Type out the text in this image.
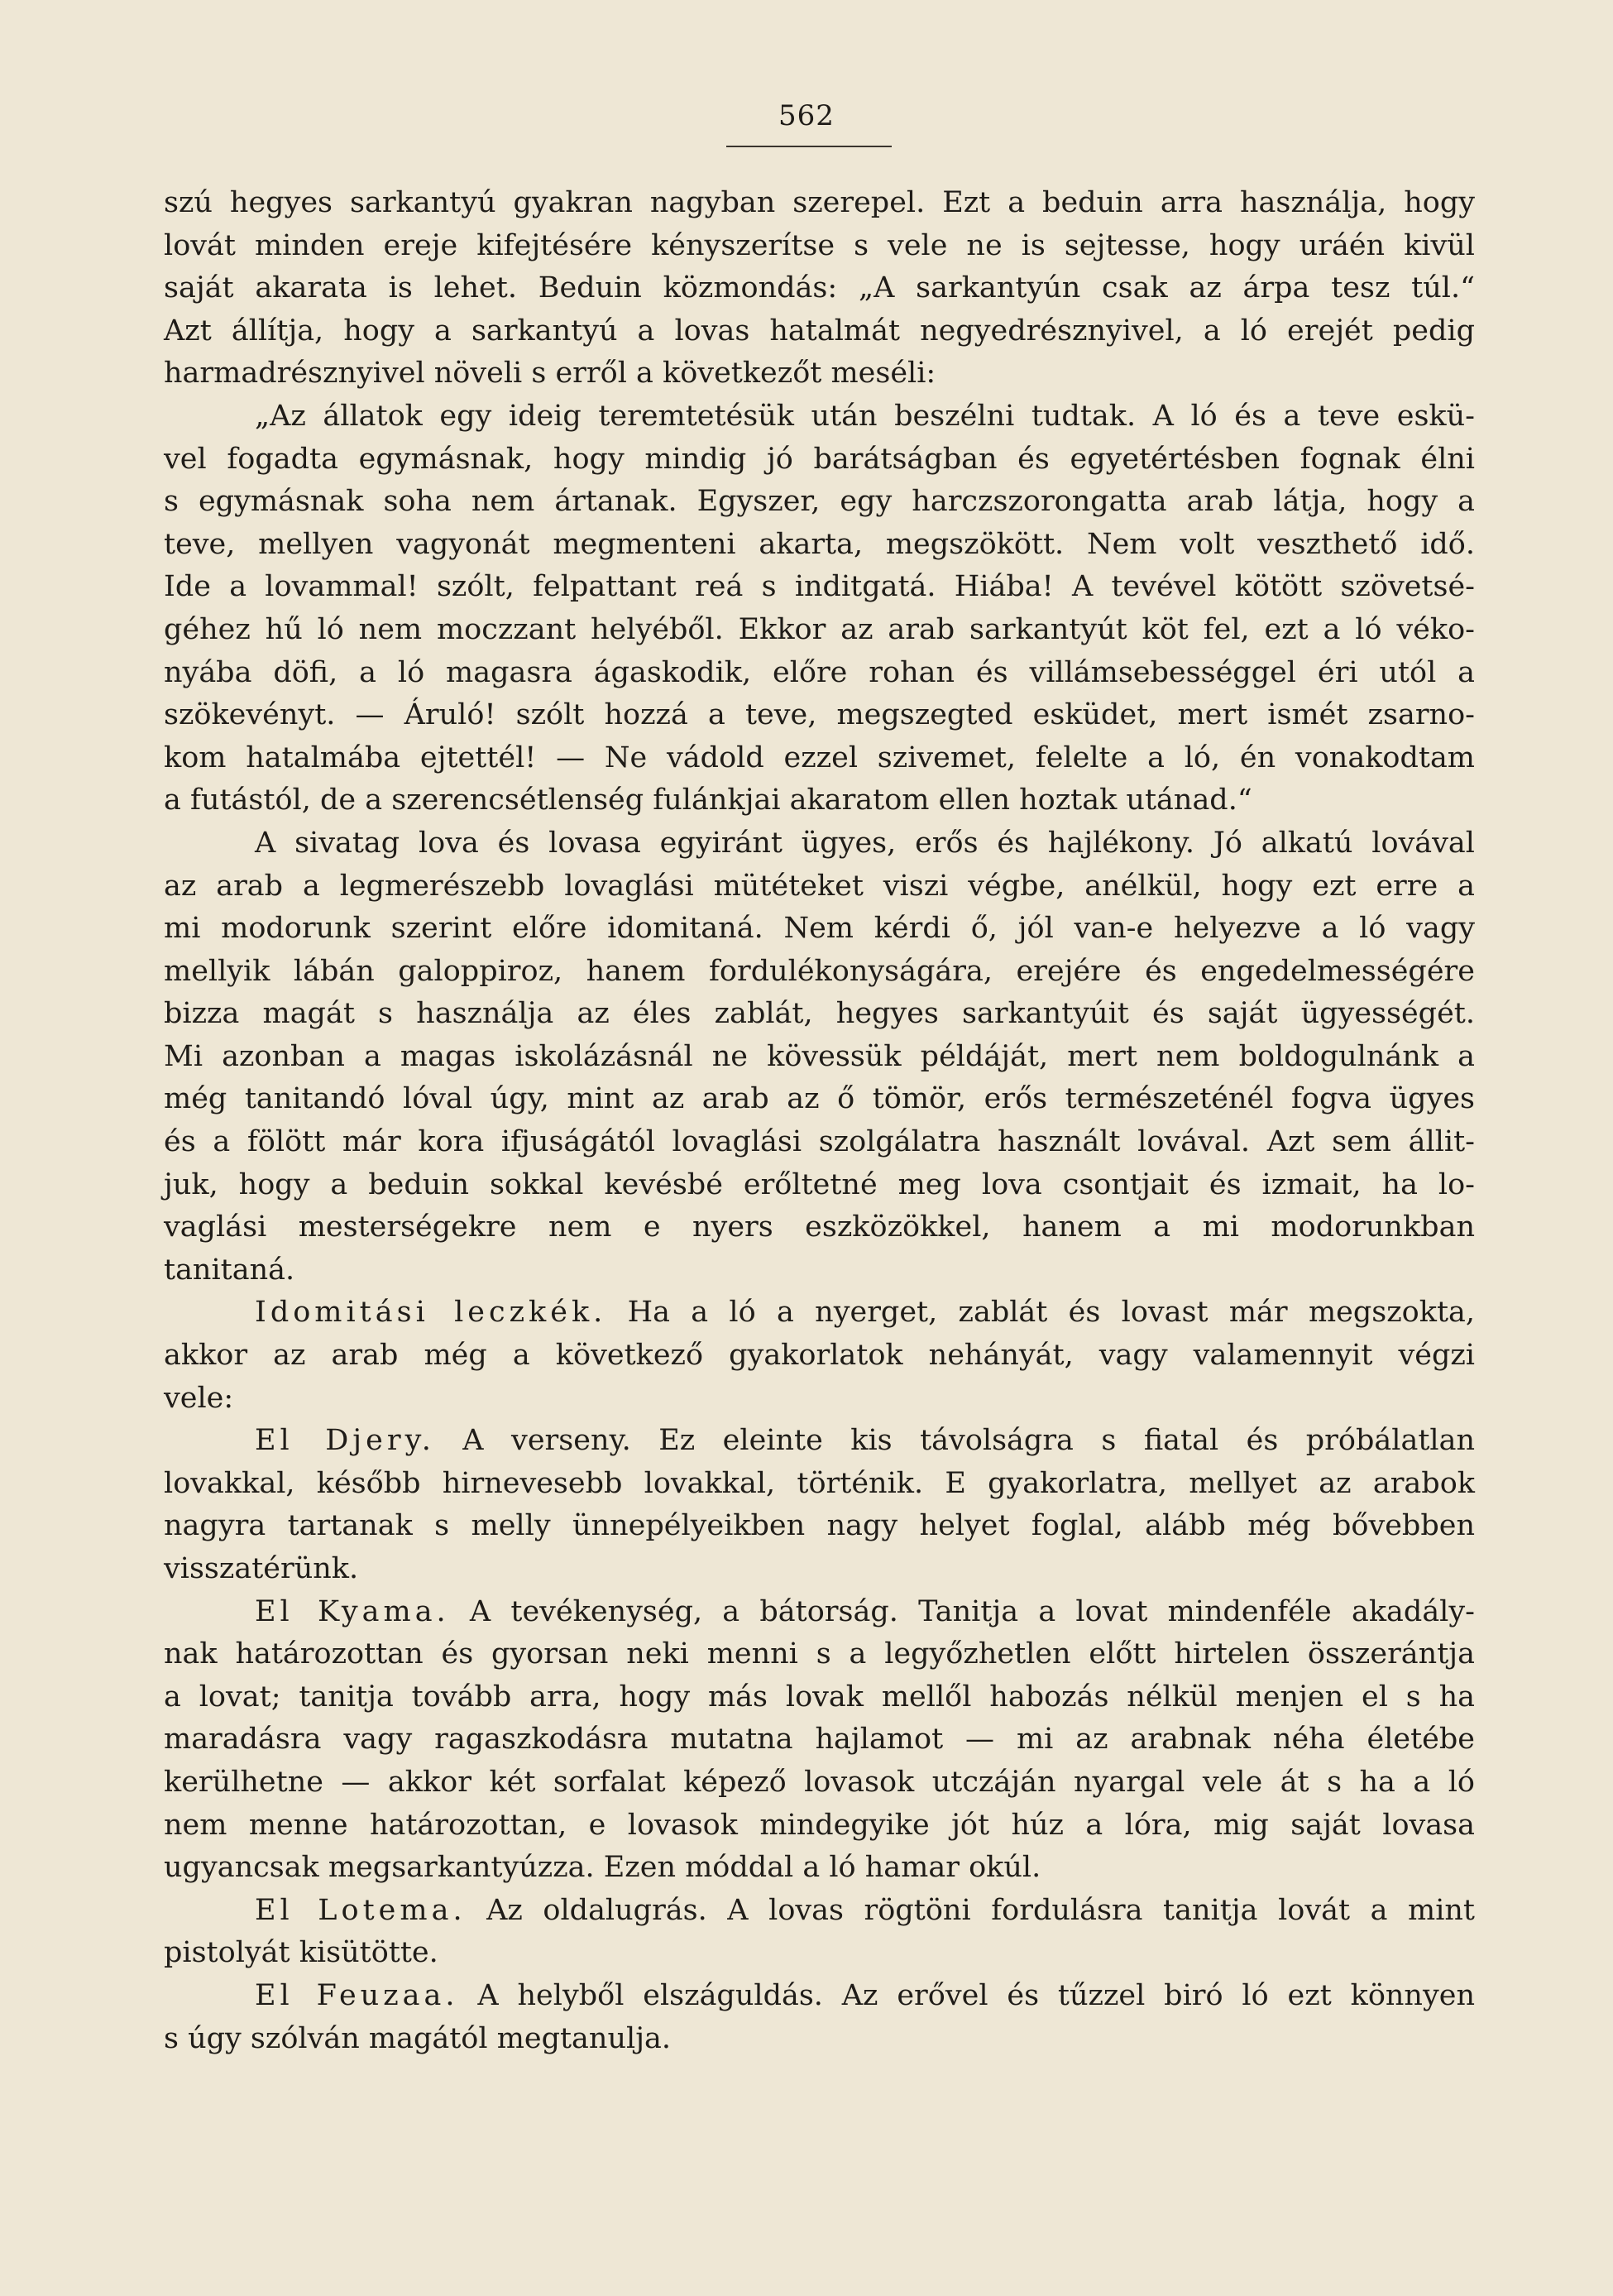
562

szú hegyes sarkantyú gyakran nagyban szerepel. Ezt a beduin arra használja, hogy

lovát minden ereje kifejtésére kényszerítse s vele ne is sejtesse, hogy uráén kivül

saját akarata is lehet. Beduin közmondás: „A sarkantyún csak az árpa tesz túl.“

Azt állítja, hogy a sarkantyú a lovas hatalmát negyedrésznyivel, a ló erejét pedig

harmadrésznyivel növeli s erről a következőt meséli:

„Az állatok egy ideig teremtetésük után beszélni tudtak. A ló és a teve eskü-

vel fogadta egymásnak, hogy mindig jó barátságban és egyetértésben fognak élni

s egymásnak soha nem ártanak. Egyszer, egy harczszorongatta arab látja, hogy a

teve, mellyen vagyonát megmenteni akarta, megszökött. Nem volt veszthető idő.

Ide a lovammal! szólt, felpattant reá s inditgatá. Hiába! A tevével kötött szövetsé-

géhez hű ló nem moczzant helyéből. Ekkor az arab sarkantyút köt fel, ezt a ló véko-

nyába döfi, a ló magasra ágaskodik, előre rohan és villámsebességgel éri utól a

szökevényt. — Áruló! szólt hozzá a teve, megszegted esküdet, mert ismét zsarno-

kom hatalmába ejtettél! — Ne vádold ezzel szivemet, felelte a ló, én vonakodtam

a futástól, de a szerencsétlenség fulánkjai akaratom ellen hoztak utánad.“

A sivatag lova és lovasa egyiránt ügyes, erős és hajlékony. Jó alkatú lovával

az arab a legmerészebb lovaglási mütéteket viszi végbe, anélkül, hogy ezt erre a

mi modorunk szerint előre idomitaná. Nem kérdi ő, jól van-e helyezve a ló vagy

mellyik lábán galoppiroz, hanem fordulékonyságára, erejére és engedelmességére

bizza magát s használja az éles zablát, hegyes sarkantyúit és saját ügyességét.

Mi azonban a magas iskolázásnál ne kövessük példáját, mert nem boldogulnánk a

még tanitandó lóval úgy, mint az arab az ő tömör, erős természeténél fogva ügyes

és a fölött már kora ifjuságától lovaglási szolgálatra használt lovával. Azt sem állit-

juk, hogy a beduin sokkal kevésbé erőltetné meg lova csontjait és izmait, ha lo-

vaglási mesterségekre nem e nyers eszközökkel, hanem a mi modorunkban

tanitaná.

Idomitási leczkék. Ha a ló a nyerget, zablát és lovast már megszokta,

akkor az arab még a következő gyakorlatok nehányát, vagy valamennyit végzi

vele:

El Djery. A verseny. Ez eleinte kis távolságra s fiatal és próbálatlan

lovakkal, később hirnevesebb lovakkal, történik. E gyakorlatra, mellyet az arabok

nagyra tartanak s melly ünnepélyeikben nagy helyet foglal, alább még bővebben

visszatérünk.

El Kyama. A tevékenység, a bátorság. Tanitja a lovat mindenféle akadály-

nak határozottan és gyorsan neki menni s a legyőzhetlen előtt hirtelen összerántja

a lovat; tanitja tovább arra, hogy más lovak mellől habozás nélkül menjen el s ha

maradásra vagy ragaszkodásra mutatna hajlamot — mi az arabnak néha életébe

kerülhetne — akkor két sorfalat képező lovasok utczáján nyargal vele át s ha a ló

nem menne határozottan, e lovasok mindegyike jót húz a lóra, mig saját lovasa

ugyancsak megsarkantyúzza. Ezen móddal a ló hamar okúl.

El Lotema. Az oldalugrás. A lovas rögtöni fordulásra tanitja lovát a mint

pistolyát kisütötte.

El Feuzaa. A helyből elszáguldás. Az erővel és tűzzel biró ló ezt könnyen

s úgy szólván magától megtanulja.
